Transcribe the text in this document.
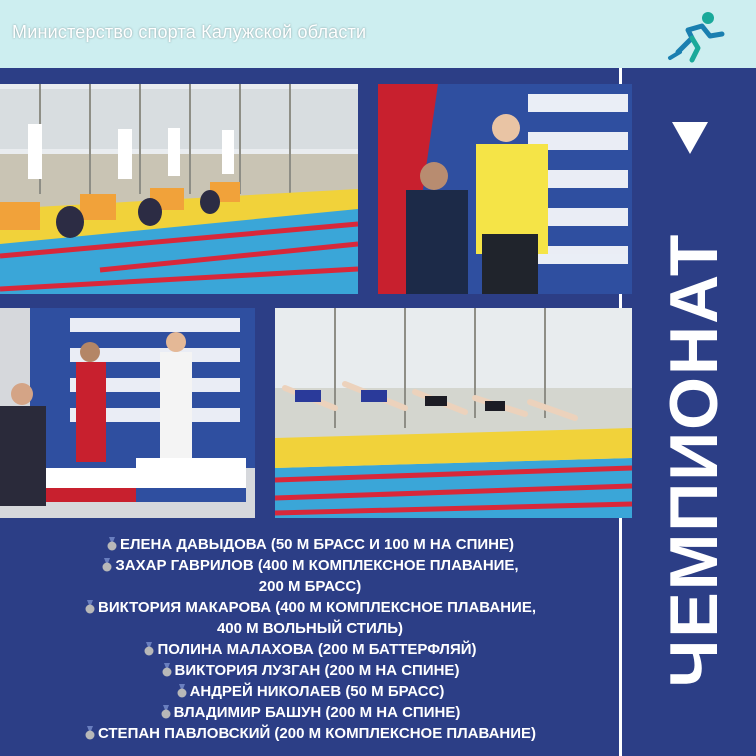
Министерство спорта Калужской области
ЧЕМПИОНАТ
ЕЛЕНА ДАВЫДОВА (50 М БРАСС И 100 М НА СПИНЕ)
ЗАХАР ГАВРИЛОВ (400 М КОМПЛЕКСНОЕ ПЛАВАНИЕ,
200 М БРАСС)
ВИКТОРИЯ МАКАРОВА (400 М КОМПЛЕКСНОЕ ПЛАВАНИЕ,
400 М ВОЛЬНЫЙ СТИЛЬ)
ПОЛИНА МАЛАХОВА (200 М БАТТЕРФЛЯЙ)
ВИКТОРИЯ ЛУЗГАН (200 М НА СПИНЕ)
АНДРЕЙ НИКОЛАЕВ (50 М БРАСС)
ВЛАДИМИР БАШУН (200 М НА СПИНЕ)
СТЕПАН ПАВЛОВСКИЙ (200 М КОМПЛЕКСНОЕ ПЛАВАНИЕ)
